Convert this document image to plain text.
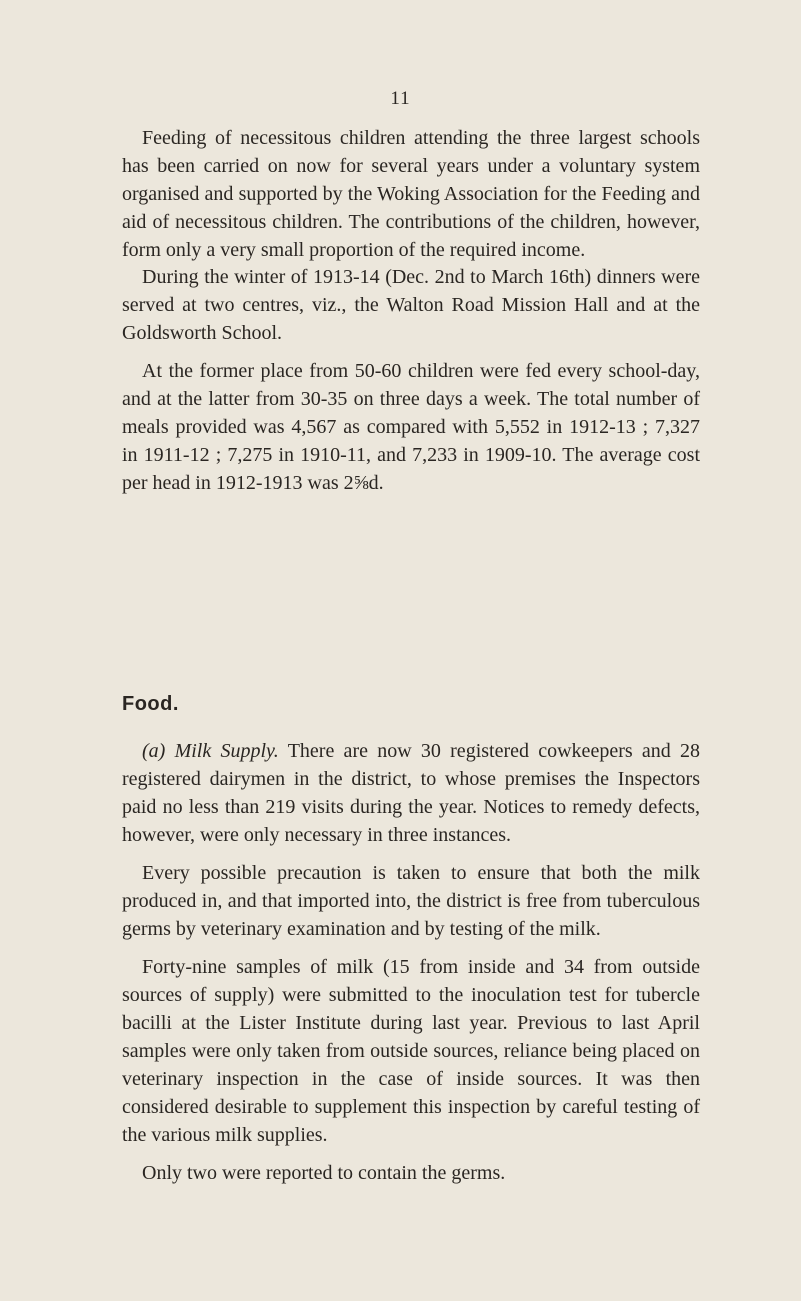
11

Feeding of necessitous children attending the three largest schools has been carried on now for several years under a voluntary system organised and supported by the Woking Association for the Feeding and aid of necessitous children. The contributions of the children, however, form only a very small proportion of the required income.

During the winter of 1913-14 (Dec. 2nd to March 16th) dinners were served at two centres, viz., the Walton Road Mission Hall and at the Goldsworth School.

At the former place from 50-60 children were fed every school-day, and at the latter from 30-35 on three days a week. The total number of meals provided was 4,567 as compared with 5,552 in 1912-13 ; 7,327 in 1911-12 ; 7,275 in 1910-11, and 7,233 in 1909-10. The average cost per head in 1912-1913 was 2⅝d.

Food.

(a) Milk Supply. There are now 30 registered cowkeepers and 28 registered dairymen in the district, to whose premises the Inspectors paid no less than 219 visits during the year. Notices to remedy defects, however, were only necessary in three instances.

Every possible precaution is taken to ensure that both the milk produced in, and that imported into, the district is free from tuberculous germs by veterinary examination and by testing of the milk.

Forty-nine samples of milk (15 from inside and 34 from outside sources of supply) were submitted to the inoculation test for tubercle bacilli at the Lister Institute during last year. Previous to last April samples were only taken from outside sources, reliance being placed on veterinary inspection in the case of inside sources. It was then considered desirable to supplement this inspection by careful testing of the various milk supplies.

Only two were reported to contain the germs.
